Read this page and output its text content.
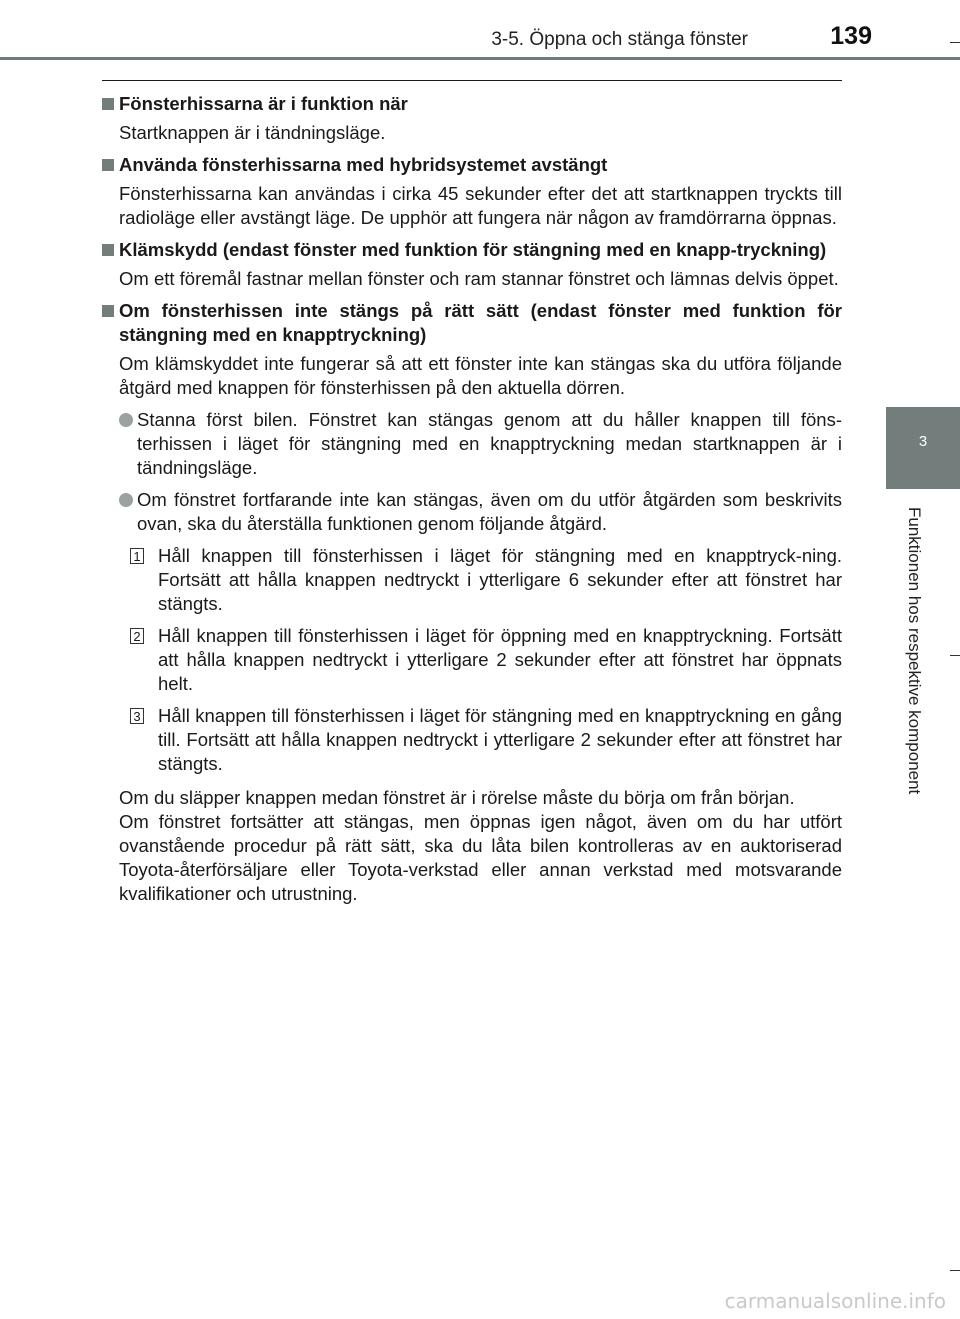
3-5. Öppna och stänga fönster	139
3
Funktionen hos respektive komponent
Fönsterhissarna är i funktion när
Startknappen är i tändningsläge.
Använda fönsterhissarna med hybridsystemet avstängt
Fönsterhissarna kan användas i cirka 45 sekunder efter det att startknappen tryckts till radioläge eller avstängt läge. De upphör att fungera när någon av framdörrarna öppnas.
Klämskydd (endast fönster med funktion för stängning med en knapp-tryckning)
Om ett föremål fastnar mellan fönster och ram stannar fönstret och lämnas delvis öppet.
Om fönsterhissen inte stängs på rätt sätt (endast fönster med funktion för stängning med en knapptryckning)
Om klämskyddet inte fungerar så att ett fönster inte kan stängas ska du utföra följande åtgärd med knappen för fönsterhissen på den aktuella dörren.
Stanna först bilen. Fönstret kan stängas genom att du håller knappen till föns-terhissen i läget för stängning med en knapptryckning medan startknappen är i tändningsläge.
Om fönstret fortfarande inte kan stängas, även om du utför åtgärden som beskrivits ovan, ska du återställa funktionen genom följande åtgärd.
1 Håll knappen till fönsterhissen i läget för stängning med en knapptryck-ning. Fortsätt att hålla knappen nedtryckt i ytterligare 6 sekunder efter att fönstret har stängts.
2 Håll knappen till fönsterhissen i läget för öppning med en knapptryckning. Fortsätt att hålla knappen nedtryckt i ytterligare 2 sekunder efter att fönstret har öppnats helt.
3 Håll knappen till fönsterhissen i läget för stängning med en knapptryckning en gång till. Fortsätt att hålla knappen nedtryckt i ytterligare 2 sekunder efter att fönstret har stängts.

Om du släpper knappen medan fönstret är i rörelse måste du börja om från början.

Om fönstret fortsätter att stängas, men öppnas igen något, även om du har utfört ovanstående procedur på rätt sätt, ska du låta bilen kontrolleras av en auktoriserad Toyota-återförsäljare eller Toyota-verkstad eller annan verkstad med motsvarande kvalifikationer och utrustning.

carmanualsonline.info
